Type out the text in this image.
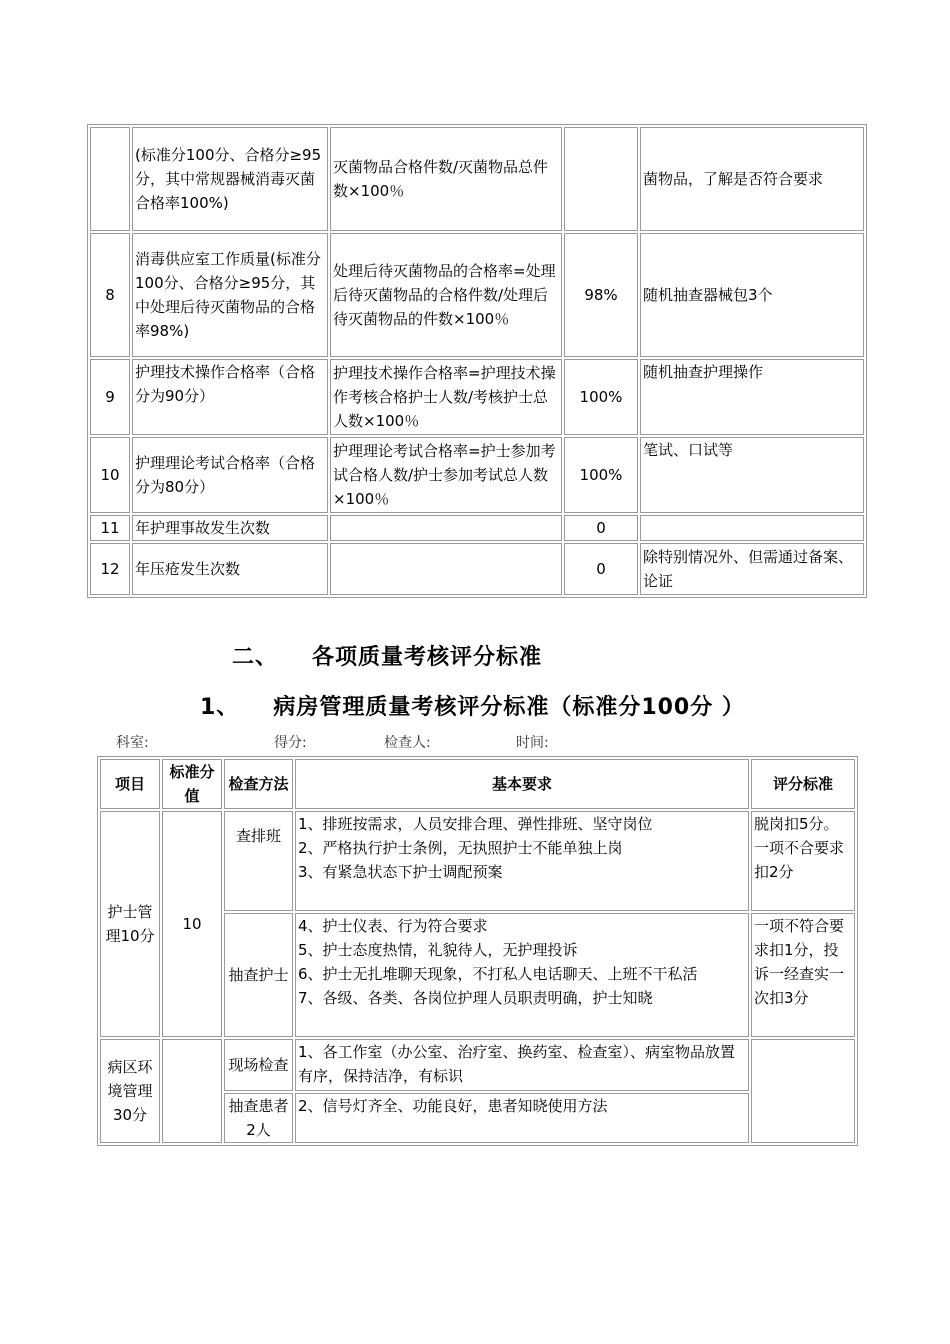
	(标准分100分、合格分≥95分，其中常规器械消毒灭菌合格率100%)	灭菌物品合格件数/灭菌物品总件数×100％		菌物品，了解是否符合要求
8	消毒供应室工作质量(标准分100分、合格分≥95分，其中处理后待灭菌物品的合格率98%)	处理后待灭菌物品的合格率=处理后待灭菌物品的合格件数/处理后待灭菌物品的件数×100％	98%	随机抽查器械包3个
9	护理技术操作合格率（合格分为90分）	护理技术操作合格率=护理技术操作考核合格护士人数/考核护士总人数×100％	100%	随机抽查护理操作
10	护理理论考试合格率（合格分为80分）	护理理论考试合格率=护士参加考试合格人数/护士参加考试总人数×100％	100%	笔试、口试等
11	年护理事故发生次数		0	
12	年压疮发生次数		0	除特别情况外、但需通过备案、论证
二、 各项质量考核评分标准
1、 病房管理质量考核评分标准（标准分100分 ）
科室:	得分:	检查人:	时间:
项目	标准分值	检查方法	基本要求	评分标准
护士管理10分	10	查排班	1、排班按需求，人员安排合理、弹性排班、坚守岗位
2、严格执行护士条例，无执照护士不能单独上岗
3、有紧急状态下护士调配预案	脱岗扣5分。一项不合要求扣2分
		抽查护士	4、护士仪表、行为符合要求
5、护士态度热情，礼貌待人，无护理投诉
6、护士无扎堆聊天现象，不打私人电话聊天、上班不干私活
7、各级、各类、各岗位护理人员职责明确，护士知晓	一项不符合要求扣1分，投诉一经查实一次扣3分
病区环境管理30分		现场检查	1、各工作室（办公室、治疗室、换药室、检查室）、病室物品放置有序，保持洁净，有标识	
		抽查患者2人	2、信号灯齐全、功能良好，患者知晓使用方法	
